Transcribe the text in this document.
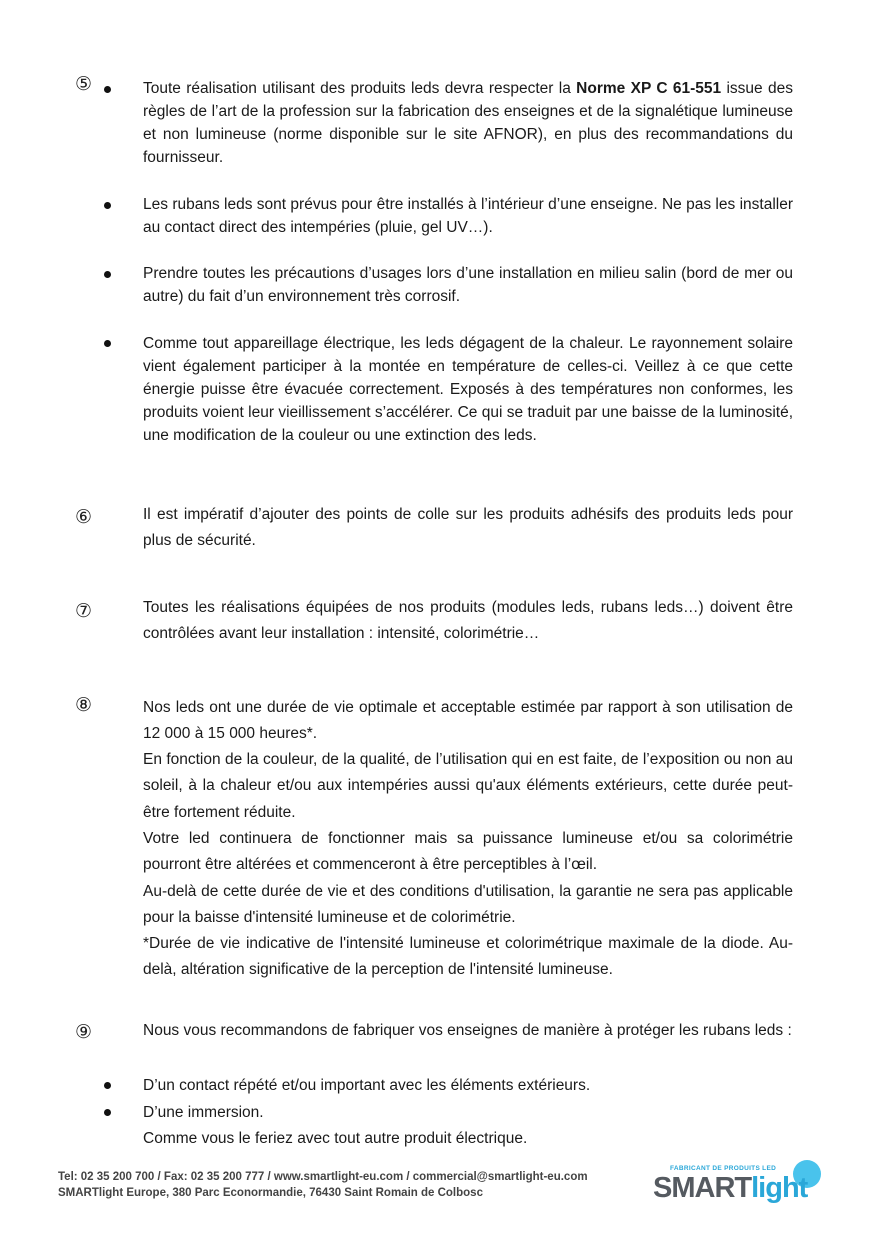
⑤	Toute réalisation utilisant des produits leds devra respecter la Norme XP C 61-551 issue des règles de l’art de la profession sur la fabrication des enseignes et de la signalétique lumineuse et non lumineuse (norme disponible sur le site AFNOR), en plus des recommandations du fournisseur.

Les rubans leds sont prévus pour être installés à l’intérieur d’une enseigne. Ne pas les installer au contact direct des intempéries (pluie, gel UV…).

Prendre toutes les précautions d’usages lors d’une installation en milieu salin (bord de mer ou autre) du fait d’un environnement très corrosif.

Comme tout appareillage électrique, les leds dégagent de la chaleur. Le rayonnement solaire vient également participer à la montée en température de celles-ci. Veillez à ce que cette énergie puisse être évacuée correctement. Exposés à des températures non conformes, les produits voient leur vieillissement s’accélérer. Ce qui se traduit par une baisse de la luminosité, une modification de la couleur ou une extinction des leds.

⑥	Il est impératif d’ajouter des points de colle sur les produits adhésifs des produits leds pour plus de sécurité.

⑦	Toutes les réalisations équipées de nos produits (modules leds, rubans leds…) doivent être contrôlées avant leur installation : intensité, colorimétrie…

⑧	Nos leds ont une durée de vie optimale et acceptable estimée par rapport à son utilisation de 12 000 à 15 000 heures*.

En fonction de la couleur, de la qualité, de l’utilisation qui en est faite, de l’exposition ou non au soleil, à la chaleur et/ou aux intempéries aussi qu'aux éléments extérieurs, cette durée peut-être fortement réduite.

Votre led continuera de fonctionner mais sa puissance lumineuse et/ou sa colorimétrie pourront être altérées et commenceront à être perceptibles à l’œil.

Au-delà de cette durée de vie et des conditions d'utilisation, la garantie ne sera pas applicable pour la baisse d'intensité lumineuse et de colorimétrie.

*Durée de vie indicative de l'intensité lumineuse et colorimétrique maximale de la diode. Au-delà, altération significative de la perception de l'intensité lumineuse.

⑨	Nous vous recommandons de fabriquer vos enseignes de manière à protéger les rubans leds :

D’un contact répété et/ou important avec les éléments extérieurs.

D’une immersion.

Comme vous le feriez avec tout autre produit électrique.

Tel: 02 35 200 700 / Fax: 02 35 200 777 / www.smartlight-eu.com / commercial@smartlight-eu.com
SMARTlight Europe, 380 Parc Econormandie, 76430 Saint Romain de Colbosc
FABRICANT DE PRODUITS LED
SMARTlight
